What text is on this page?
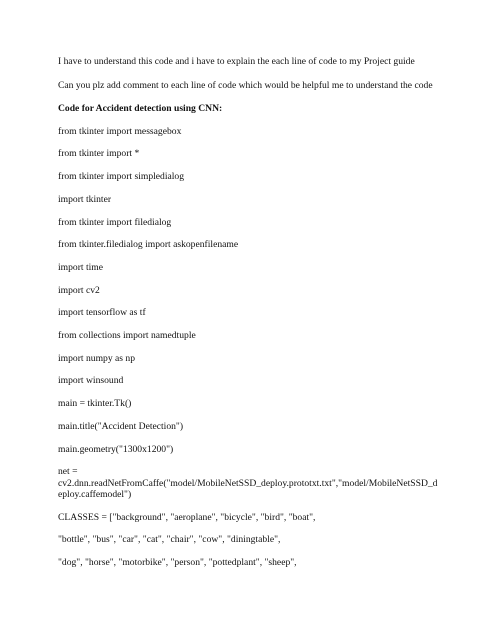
I have to understand this code and i have to explain the each line of code to my Project guide

Can you plz add comment to each line of code which would be helpful me to understand the code

Code for Accident detection using CNN:

from tkinter import messagebox

from tkinter import *

from tkinter import simpledialog

import tkinter

from tkinter import filedialog

from tkinter.filedialog import askopenfilename

import time

import cv2

import tensorflow as tf

from collections import namedtuple

import numpy as np

import winsound

main = tkinter.Tk()

main.title("Accident Detection")

main.geometry("1300x1200")

net =
cv2.dnn.readNetFromCaffe("model/MobileNetSSD_deploy.prototxt.txt","model/MobileNetSSD_deploy.caffemodel")

CLASSES = ["background", "aeroplane", "bicycle", "bird", "boat",

"bottle", "bus", "car", "cat", "chair", "cow", "diningtable",

"dog", "horse", "motorbike", "person", "pottedplant", "sheep",
